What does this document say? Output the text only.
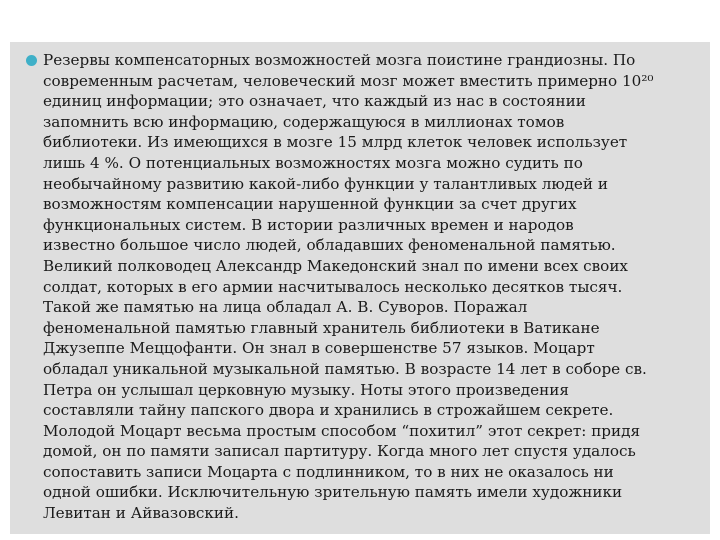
Резервы компенсаторных возможностей мозга поистине грандиозны. По
современным расчетам, человеческий мозг может вместить примерно 10²⁰
единиц информации; это означает, что каждый из нас в состоянии
запомнить всю информацию, содержащуюся в миллионах томов
библиотеки. Из имеющихся в мозге 15 млрд клеток человек использует
лишь 4 %. О потенциальных возможностях мозга можно судить по
необычайному развитию какой-либо функции у талантливых людей и
возможностям компенсации нарушенной функции за счет других
функциональных систем. В истории различных времен и народов
известно большое число людей, обладавших феноменальной памятью.
Великий полководец Александр Македонский знал по имени всех своих
солдат, которых в его армии насчитывалось несколько десятков тысяч.
Такой же памятью на лица обладал А. В. Суворов. Поражал
феноменальной памятью главный хранитель библиотеки в Ватикане
Джузеппе Меццофанти. Он знал в совершенстве 57 языков. Моцарт
обладал уникальной музыкальной памятью. В возрасте 14 лет в соборе св.
Петра он услышал церковную музыку. Ноты этого произведения
составляли тайну папского двора и хранились в строжайшем секрете.
Молодой Моцарт весьма простым способом “похитил” этот секрет: придя
домой, он по памяти записал партитуру. Когда много лет спустя удалось
сопоставить записи Моцарта с подлинником, то в них не оказалось ни
одной ошибки. Исключительную зрительную память имели художники
Левитан и Айвазовский.
